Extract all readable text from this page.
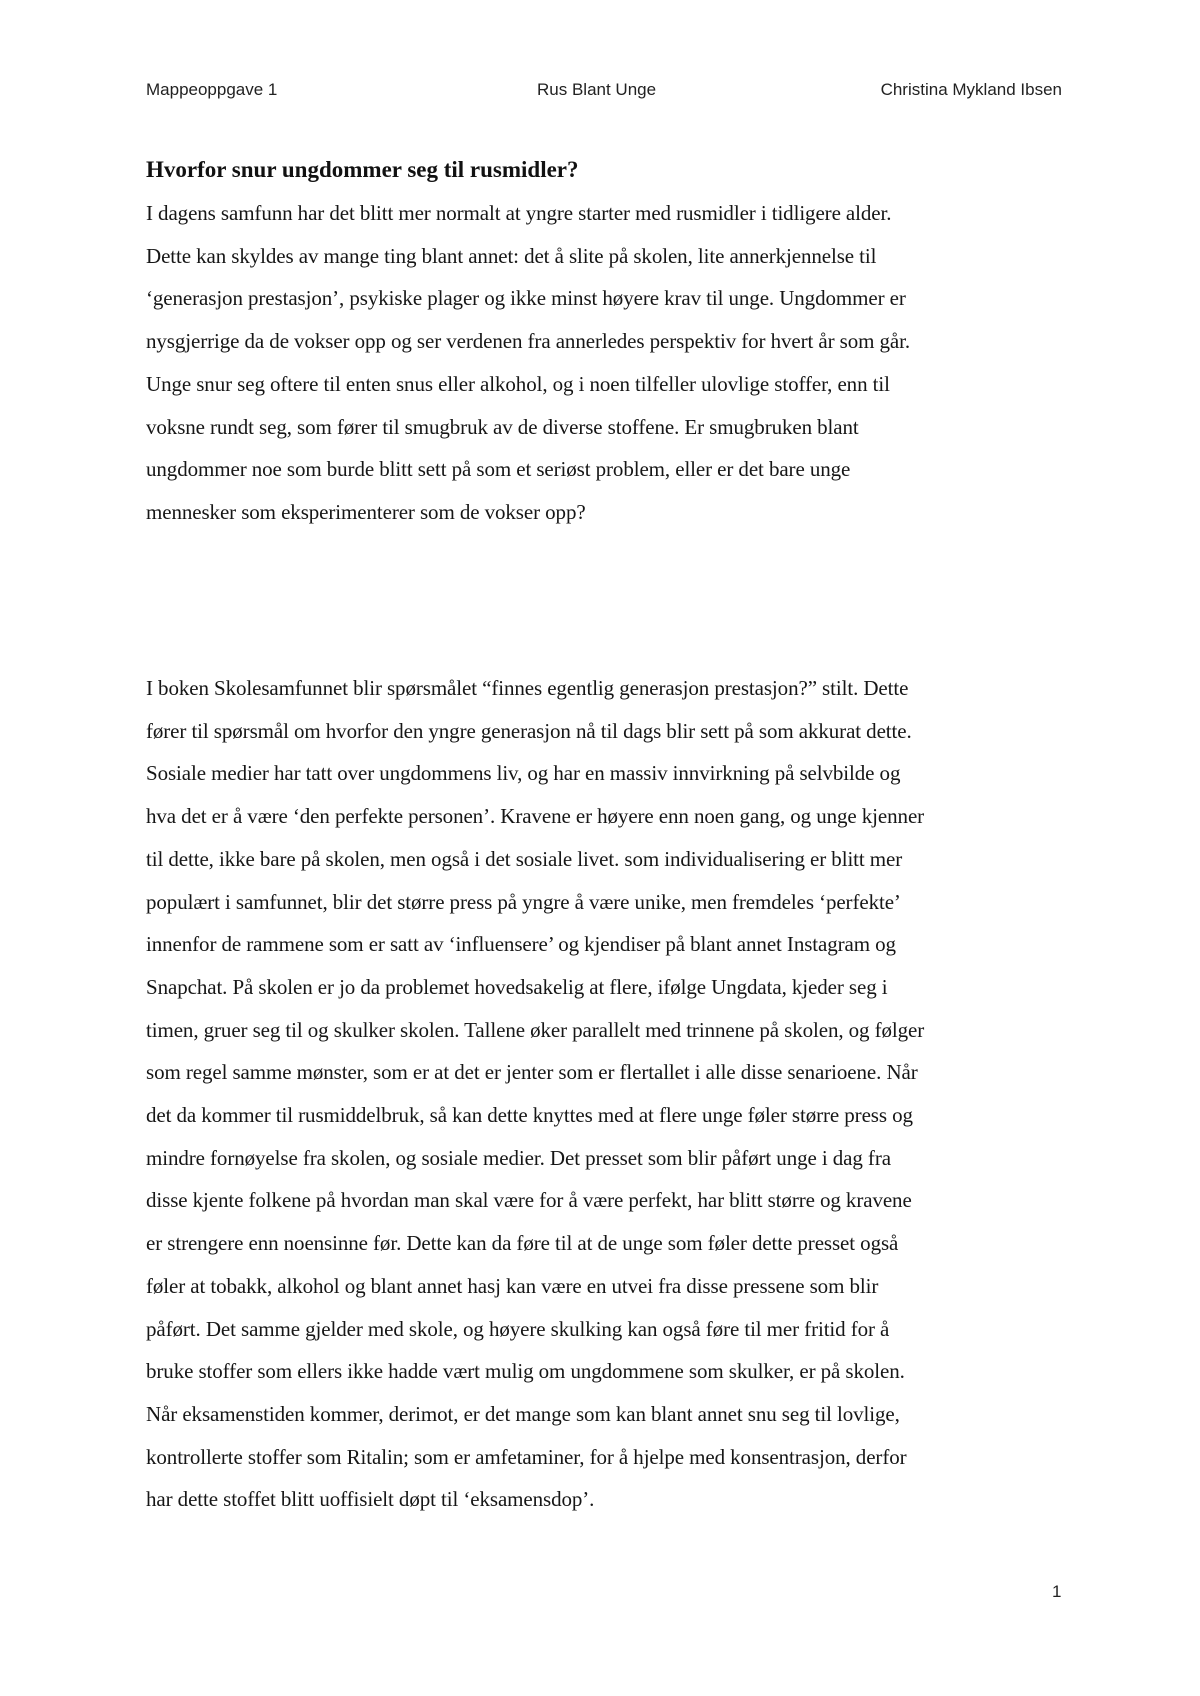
Mappeoppgave 1	Rus Blant Unge	Christina Mykland Ibsen
Hvorfor snur ungdommer seg til rusmidler?

I dagens samfunn har det blitt mer normalt at yngre starter med rusmidler i tidligere alder.
Dette kan skyldes av mange ting blant annet: det å slite på skolen, lite annerkjennelse til
‘generasjon prestasjon’, psykiske plager og ikke minst høyere krav til unge. Ungdommer er
nysgjerrige da de vokser opp og ser verdenen fra annerledes perspektiv for hvert år som går.
Unge snur seg oftere til enten snus eller alkohol, og i noen tilfeller ulovlige stoffer, enn til
voksne rundt seg, som fører til smugbruk av de diverse stoffene. Er smugbruken blant
ungdommer noe som burde blitt sett på som et seriøst problem, eller er det bare unge
mennesker som eksperimenterer som de vokser opp?

I boken Skolesamfunnet blir spørsmålet “finnes egentlig generasjon prestasjon?” stilt. Dette
fører til spørsmål om hvorfor den yngre generasjon nå til dags blir sett på som akkurat dette.
Sosiale medier har tatt over ungdommens liv, og har en massiv innvirkning på selvbilde og
hva det er å være ‘den perfekte personen’. Kravene er høyere enn noen gang, og unge kjenner
til dette, ikke bare på skolen, men også i det sosiale livet. som individualisering er blitt mer
populært i samfunnet, blir det større press på yngre å være unike, men fremdeles ‘perfekte’
innenfor de rammene som er satt av ‘influensere’ og kjendiser på blant annet Instagram og
Snapchat. På skolen er jo da problemet hovedsakelig at flere, ifølge Ungdata, kjeder seg i
timen, gruer seg til og skulker skolen. Tallene øker parallelt med trinnene på skolen, og følger
som regel samme mønster, som er at det er jenter som er flertallet i alle disse senarioene. Når
det da kommer til rusmiddelbruk, så kan dette knyttes med at flere unge føler større press og
mindre fornøyelse fra skolen, og sosiale medier. Det presset som blir påført unge i dag fra
disse kjente folkene på hvordan man skal være for å være perfekt, har blitt større og kravene
er strengere enn noensinne før. Dette kan da føre til at de unge som føler dette presset også
føler at tobakk, alkohol og blant annet hasj kan være en utvei fra disse pressene som blir
påført. Det samme gjelder med skole, og høyere skulking kan også føre til mer fritid for å
bruke stoffer som ellers ikke hadde vært mulig om ungdommene som skulker, er på skolen.
Når eksamenstiden kommer, derimot, er det mange som kan blant annet snu seg til lovlige,
kontrollerte stoffer som Ritalin; som er amfetaminer, for å hjelpe med konsentrasjon, derfor
har dette stoffet blitt uoffisielt døpt til ‘eksamensdop’.

1
